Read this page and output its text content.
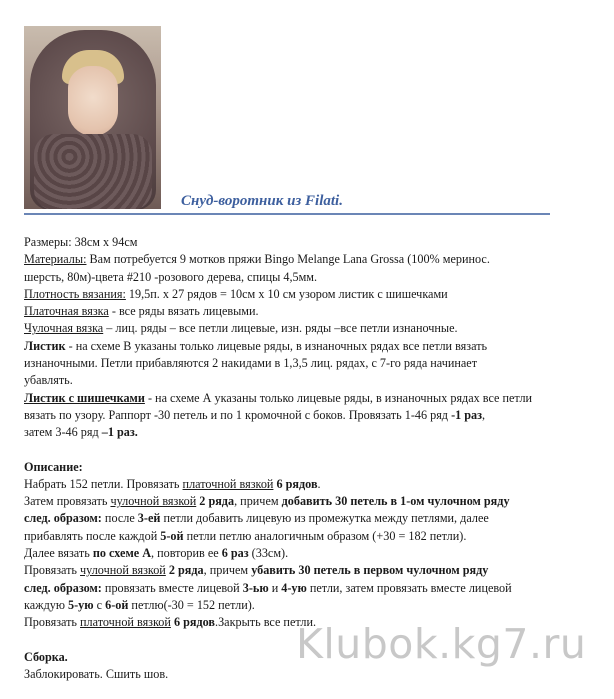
Снуд-воротник из Filati.

Размеры: 38см х 94см

Материалы: Вам потребуется 9 мотков пряжи Bingo Melange Lana Grossa (100% меринос.

шерсть, 80м)-цвета #210 -розового дерева, спицы 4,5мм.

Плотность вязания: 19,5п. х 27 рядов = 10см х 10 см узором листик с шишечками

Платочная вязка - все ряды вязать лицевыми.

Чулочная вязка – лиц. ряды – все петли лицевые, изн. ряды –все петли изнаночные.

Листик - на схеме В указаны только лицевые ряды, в изнаночных рядах все петли вязать

изнаночными. Петли прибавляются 2 накидами в 1,3,5 лиц. рядах, с 7-го ряда начинает

убавлять.

Листик с шишечками - на схеме А указаны только лицевые ряды, в изнаночных рядах все петли

вязать по узору. Раппорт -30 петель и по 1 кромочной с боков. Провязать 1-46 ряд -1 раз,

затем 3-46 ряд –1 раз.

Описание:

Набрать 152 петли. Провязать платочной вязкой 6 рядов.

Затем провязать чулочной вязкой 2 ряда, причем добавить 30 петель в 1-ом чулочном ряду

след. образом: после 3-ей петли добавить лицевую из промежутка между петлями, далее

прибавлять после каждой 5-ой петли петлю аналогичным образом (+30 = 182 петли).

Далее вязать по схеме А, повторив ее 6 раз (33см).

Провязать чулочной вязкой 2 ряда, причем убавить 30 петель в первом чулочном ряду

след. образом: провязать вместе лицевой 3-ью и 4-ую петли, затем провязать вместе лицевой

каждую 5-ую с 6-ой петлю(-30 = 152 петли).

Провязать платочной вязкой 6 рядов.Закрыть все петли.

Сборка.

Заблокировать. Сшить шов.

Klubok.kg7.ru
